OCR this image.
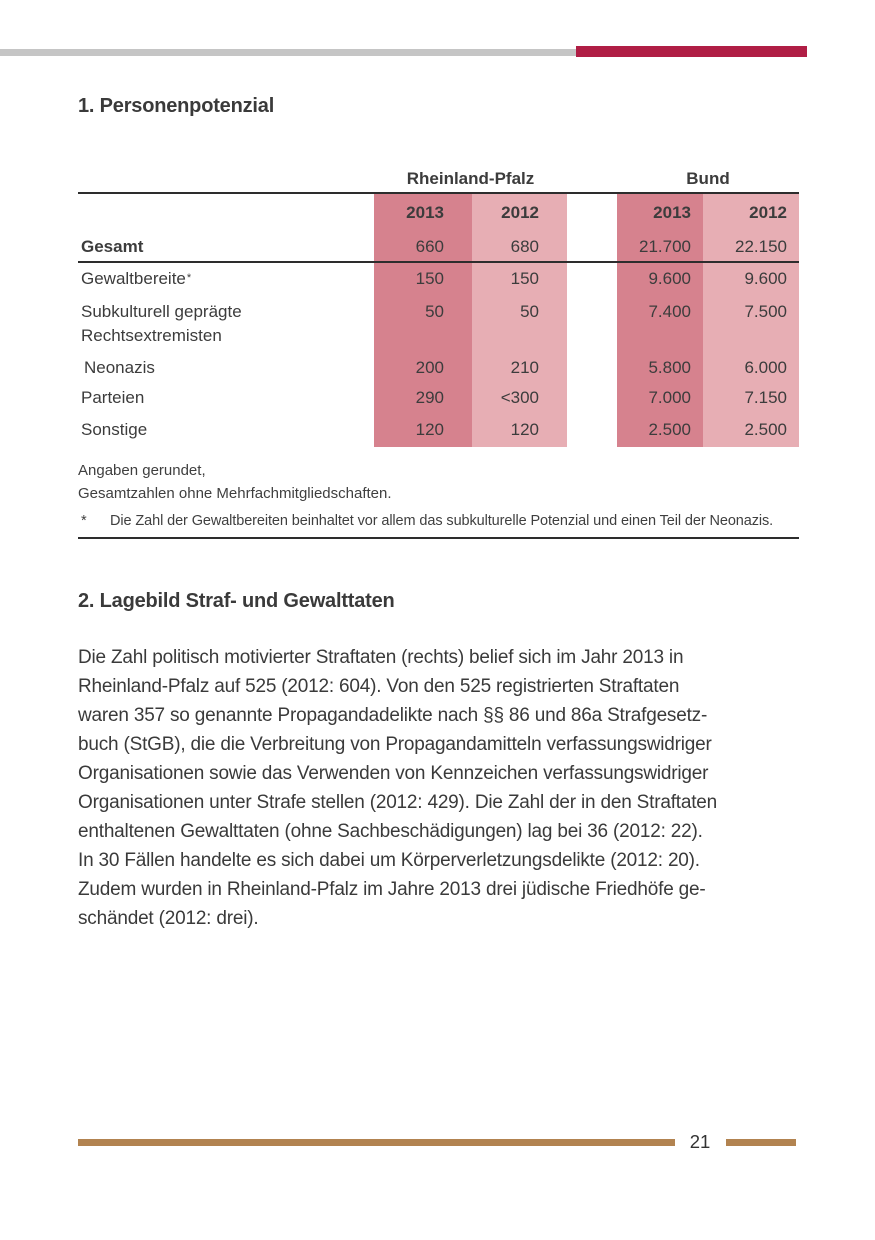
1. Personenpotenzial
Rheinland-Pfalz	Bund
2013	2012	2013	2012
Gesamt	660	680	21.700	22.150
Gewaltbereite *	150	150	9.600	9.600
Subkulturell geprägte
Rechtsextremisten
50	50	7.400	7.500
Neonazis	200	210	5.800	6.000
Parteien	290	<300	7.000	7.150
Sonstige	120	120	2.500	2.500
Angaben gerundet,
Gesamtzahlen ohne Mehrfachmitgliedschaften.
*	Die Zahl der Gewaltbereiten beinhaltet vor allem das subkulturelle Potenzial und einen Teil der Neonazis.
2. Lagebild Straf- und Gewalttaten
Die Zahl politisch motivierter Straftaten (rechts) belief sich im Jahr 2013 in
Rheinland-Pfalz auf 525 (2012: 604). Von den 525 registrierten Straftaten
waren 357 so genannte Propagandadelikte nach §§ 86 und 86a Strafgesetz-
buch (StGB), die die Verbreitung von Propagandamitteln verfassungswidriger
Organisationen sowie das Verwenden von Kennzeichen verfassungswidriger
Organisationen unter Strafe stellen (2012: 429). Die Zahl der in den Straftaten
enthaltenen Gewalttaten (ohne Sachbeschädigungen) lag bei 36 (2012: 22).
In 30 Fällen handelte es sich dabei um Körperverletzungsdelikte (2012: 20).
Zudem wurden in Rheinland-Pfalz im Jahre 2013 drei jüdische Friedhöfe ge-
schändet (2012: drei).
21
